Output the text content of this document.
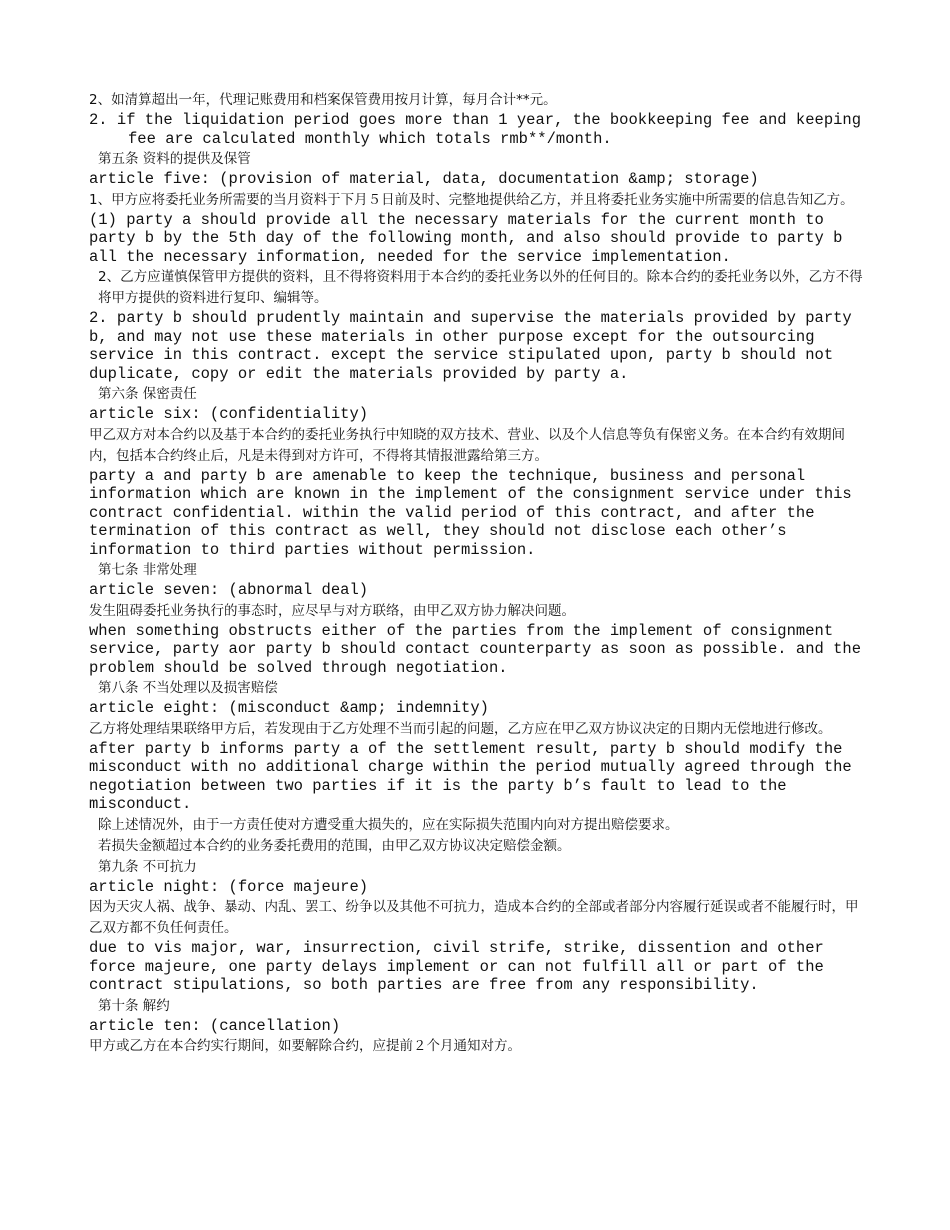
2、如清算超出一年，代理记账费用和档案保管费用按月计算，每月合计**元。

2. if the liquidation period goes more than 1 year, the bookkeeping fee and keeping fee are calculated monthly which totals rmb**/month.

第五条 资料的提供及保管

article five: (provision of material, data, documentation &amp; storage)

1、甲方应将委托业务所需要的当月资料于下月５日前及时、完整地提供给乙方，并且将委托业务实施中所需要的信息告知乙方。

(1) party a should provide all the necessary materials for the current month to party b by the 5th day of the following month, and also should provide to party b all the necessary information, needed for the service implementation.

2、乙方应谨慎保管甲方提供的资料，且不得将资料用于本合约的委托业务以外的任何目的。除本合约的委托业务以外，乙方不得将甲方提供的资料进行复印、编辑等。

2. party b should prudently maintain and supervise the materials provided by party b, and may not use these materials in other purpose except for the outsourcing service in this contract. except the service stipulated upon, party b should not duplicate, copy or edit the materials provided by party a.

第六条 保密责任

article six: (confidentiality)

甲乙双方对本合约以及基于本合约的委托业务执行中知晓的双方技术、营业、以及个人信息等负有保密义务。在本合约有效期间内，包括本合约终止后，凡是未得到对方许可，不得将其情报泄露给第三方。

party a and party b are amenable to keep the technique, business and personal information which are known in the implement of the consignment service under this contract confidential. within the valid period of this contract, and after the termination of this contract as well, they should not disclose each other’s information to third parties without permission.

第七条 非常处理

article seven: (abnormal deal)

发生阻碍委托业务执行的事态时，应尽早与对方联络，由甲乙双方协力解决问题。

when something obstructs either of the parties from the implement of consignment service, party aor party b should contact counterparty as soon as possible. and the problem should be solved through negotiation.

第八条 不当处理以及损害赔偿

article eight: (misconduct &amp; indemnity)

乙方将处理结果联络甲方后，若发现由于乙方处理不当而引起的问题，乙方应在甲乙双方协议决定的日期内无偿地进行修改。

after party b informs party a of the settlement result, party b should modify the misconduct with no additional charge within the period mutually agreed through the negotiation between two parties if it is the party b’s fault to lead to the misconduct.

除上述情况外，由于一方责任使对方遭受重大损失的，应在实际损失范围内向对方提出赔偿要求。

若损失金额超过本合约的业务委托费用的范围，由甲乙双方协议决定赔偿金额。

第九条 不可抗力

article night: (force majeure)

因为天灾人祸、战争、暴动、内乱、罢工、纷争以及其他不可抗力，造成本合约的全部或者部分内容履行延误或者不能履行时，甲乙双方都不负任何责任。

due to vis major, war, insurrection, civil strife, strike, dissention and other force majeure, one party delays implement or can not fulfill all or part of the contract stipulations, so both parties are free from any responsibility.

第十条 解约

article ten: (cancellation)

甲方或乙方在本合约实行期间，如要解除合约，应提前２个月通知对方。
